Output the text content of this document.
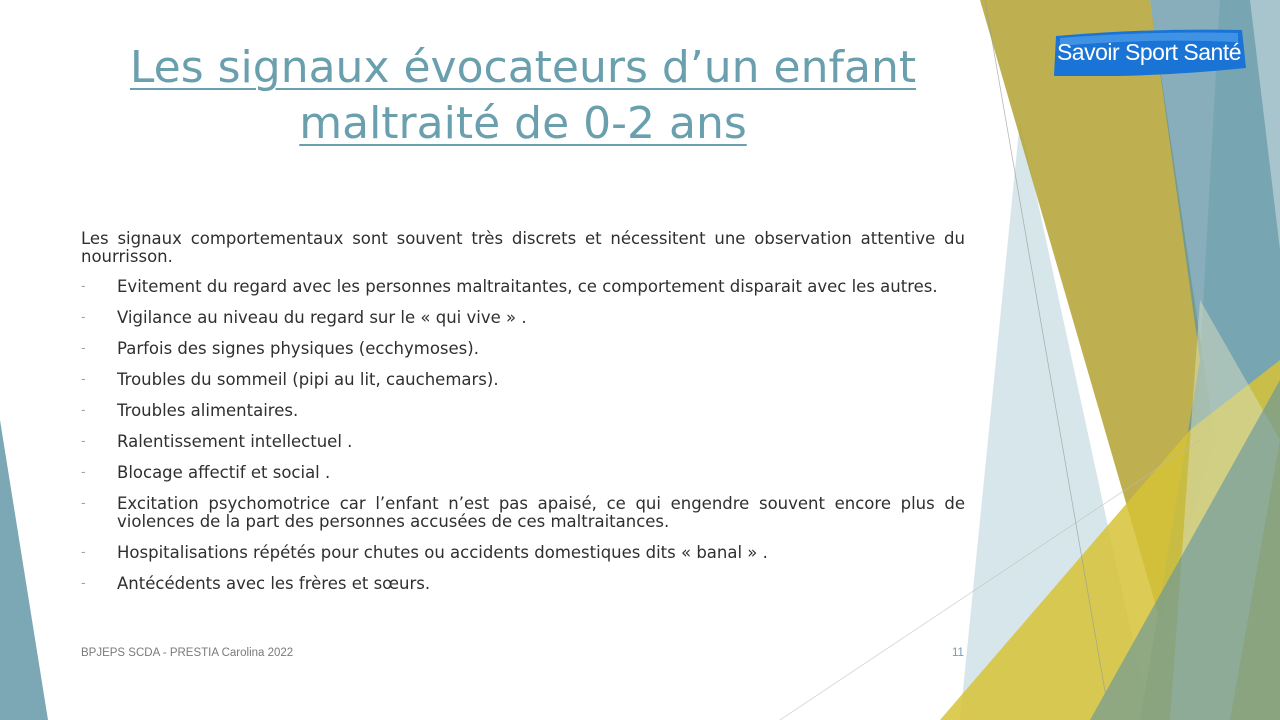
Les signaux évocateurs d’un enfant
maltraité de 0-2 ans

Les signaux comportementaux sont souvent très discrets et nécessitent une observation attentive du nourrisson.

- Evitement du regard avec les personnes maltraitantes, ce comportement disparait avec les autres.
- Vigilance au niveau du regard sur le « qui vive » .
- Parfois des signes physiques (ecchymoses).
- Troubles du sommeil (pipi au lit, cauchemars).
- Troubles alimentaires.
- Ralentissement intellectuel .
- Blocage affectif et social .
- Excitation psychomotrice car l’enfant n’est pas apaisé, ce qui engendre souvent encore plus de violences de la part des personnes accusées de ces maltraitances.
- Hospitalisations répétés pour chutes ou accidents domestiques dits « banal » .
- Antécédents avec les frères et sœurs.
BPJEPS SCDA - PRESTIA Carolina 2022	11
Savoir Sport Santé
